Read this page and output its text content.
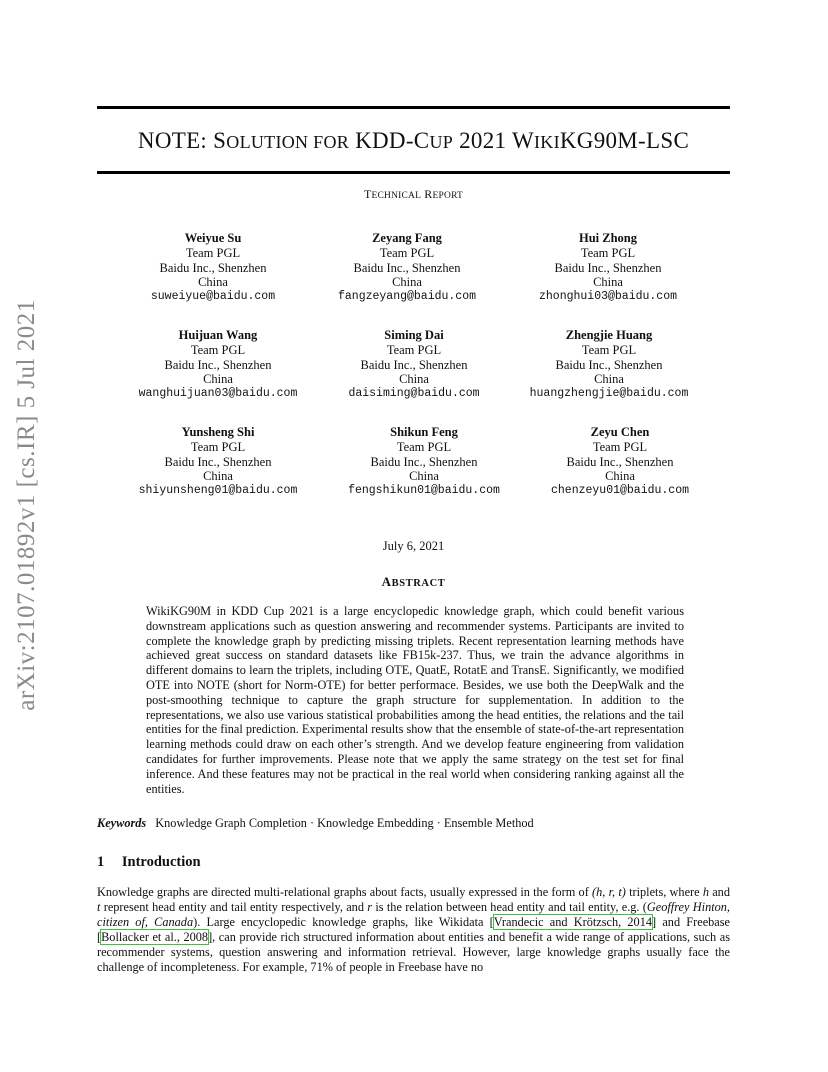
NOTE: SOLUTION FOR KDD-CUP 2021 WIKIKG90M-LSC
TECHNICAL REPORT
arXiv:2107.01892v1 [cs.IR] 5 Jul 2021
Weiyue Su
Team PGL
Baidu Inc., Shenzhen
China
suweiyue@baidu.com
Zeyang Fang
Team PGL
Baidu Inc., Shenzhen
China
fangzeyang@baidu.com
Hui Zhong
Team PGL
Baidu Inc., Shenzhen
China
zhonghui03@baidu.com
Huijuan Wang
Team PGL
Baidu Inc., Shenzhen
China
wanghuijuan03@baidu.com
Siming Dai
Team PGL
Baidu Inc., Shenzhen
China
daisiming@baidu.com
Zhengjie Huang
Team PGL
Baidu Inc., Shenzhen
China
huangzhengjie@baidu.com
Yunsheng Shi
Team PGL
Baidu Inc., Shenzhen
China
shiyunsheng01@baidu.com
Shikun Feng
Team PGL
Baidu Inc., Shenzhen
China
fengshikun01@baidu.com
Zeyu Chen
Team PGL
Baidu Inc., Shenzhen
China
chenzeyu01@baidu.com
July 6, 2021
ABSTRACT

WikiKG90M in KDD Cup 2021 is a large encyclopedic knowledge graph, which could benefit various downstream applications such as question answering and recommender systems. Participants are invited to complete the knowledge graph by predicting missing triplets. Recent representation learning methods have achieved great success on standard datasets like FB15k-237. Thus, we train the advance algorithms in different domains to learn the triplets, including OTE, QuatE, RotatE and TransE. Significantly, we modified OTE into NOTE (short for Norm-OTE) for better performace. Besides, we use both the DeepWalk and the post-smoothing technique to capture the graph structure for supplementation. In addition to the representations, we also use various statistical probabilities among the head entities, the relations and the tail entities for the final prediction. Experimental results show that the ensemble of state-of-the-art representation learning methods could draw on each other’s strength. And we develop feature engineering from validation candidates for further improvements. Please note that we apply the same strategy on the test set for final inference. And these features may not be practical in the real world when considering ranking against all the entities.

Keywords Knowledge Graph Completion · Knowledge Embedding · Ensemble Method
1 Introduction

Knowledge graphs are directed multi-relational graphs about facts, usually expressed in the form of (h, r, t) triplets, where h and t represent head entity and tail entity respectively, and r is the relation between head entity and tail entity, e.g. (Geoffrey Hinton, citizen of, Canada). Large encyclopedic knowledge graphs, like Wikidata [Vrandecic and Krötzsch, 2014] and Freebase [Bollacker et al., 2008], can provide rich structured information about entities and benefit a wide range of applications, such as recommender systems, question answering and information retrieval. However, large knowledge graphs usually face the challenge of incompleteness. For example, 71% of people in Freebase have no
